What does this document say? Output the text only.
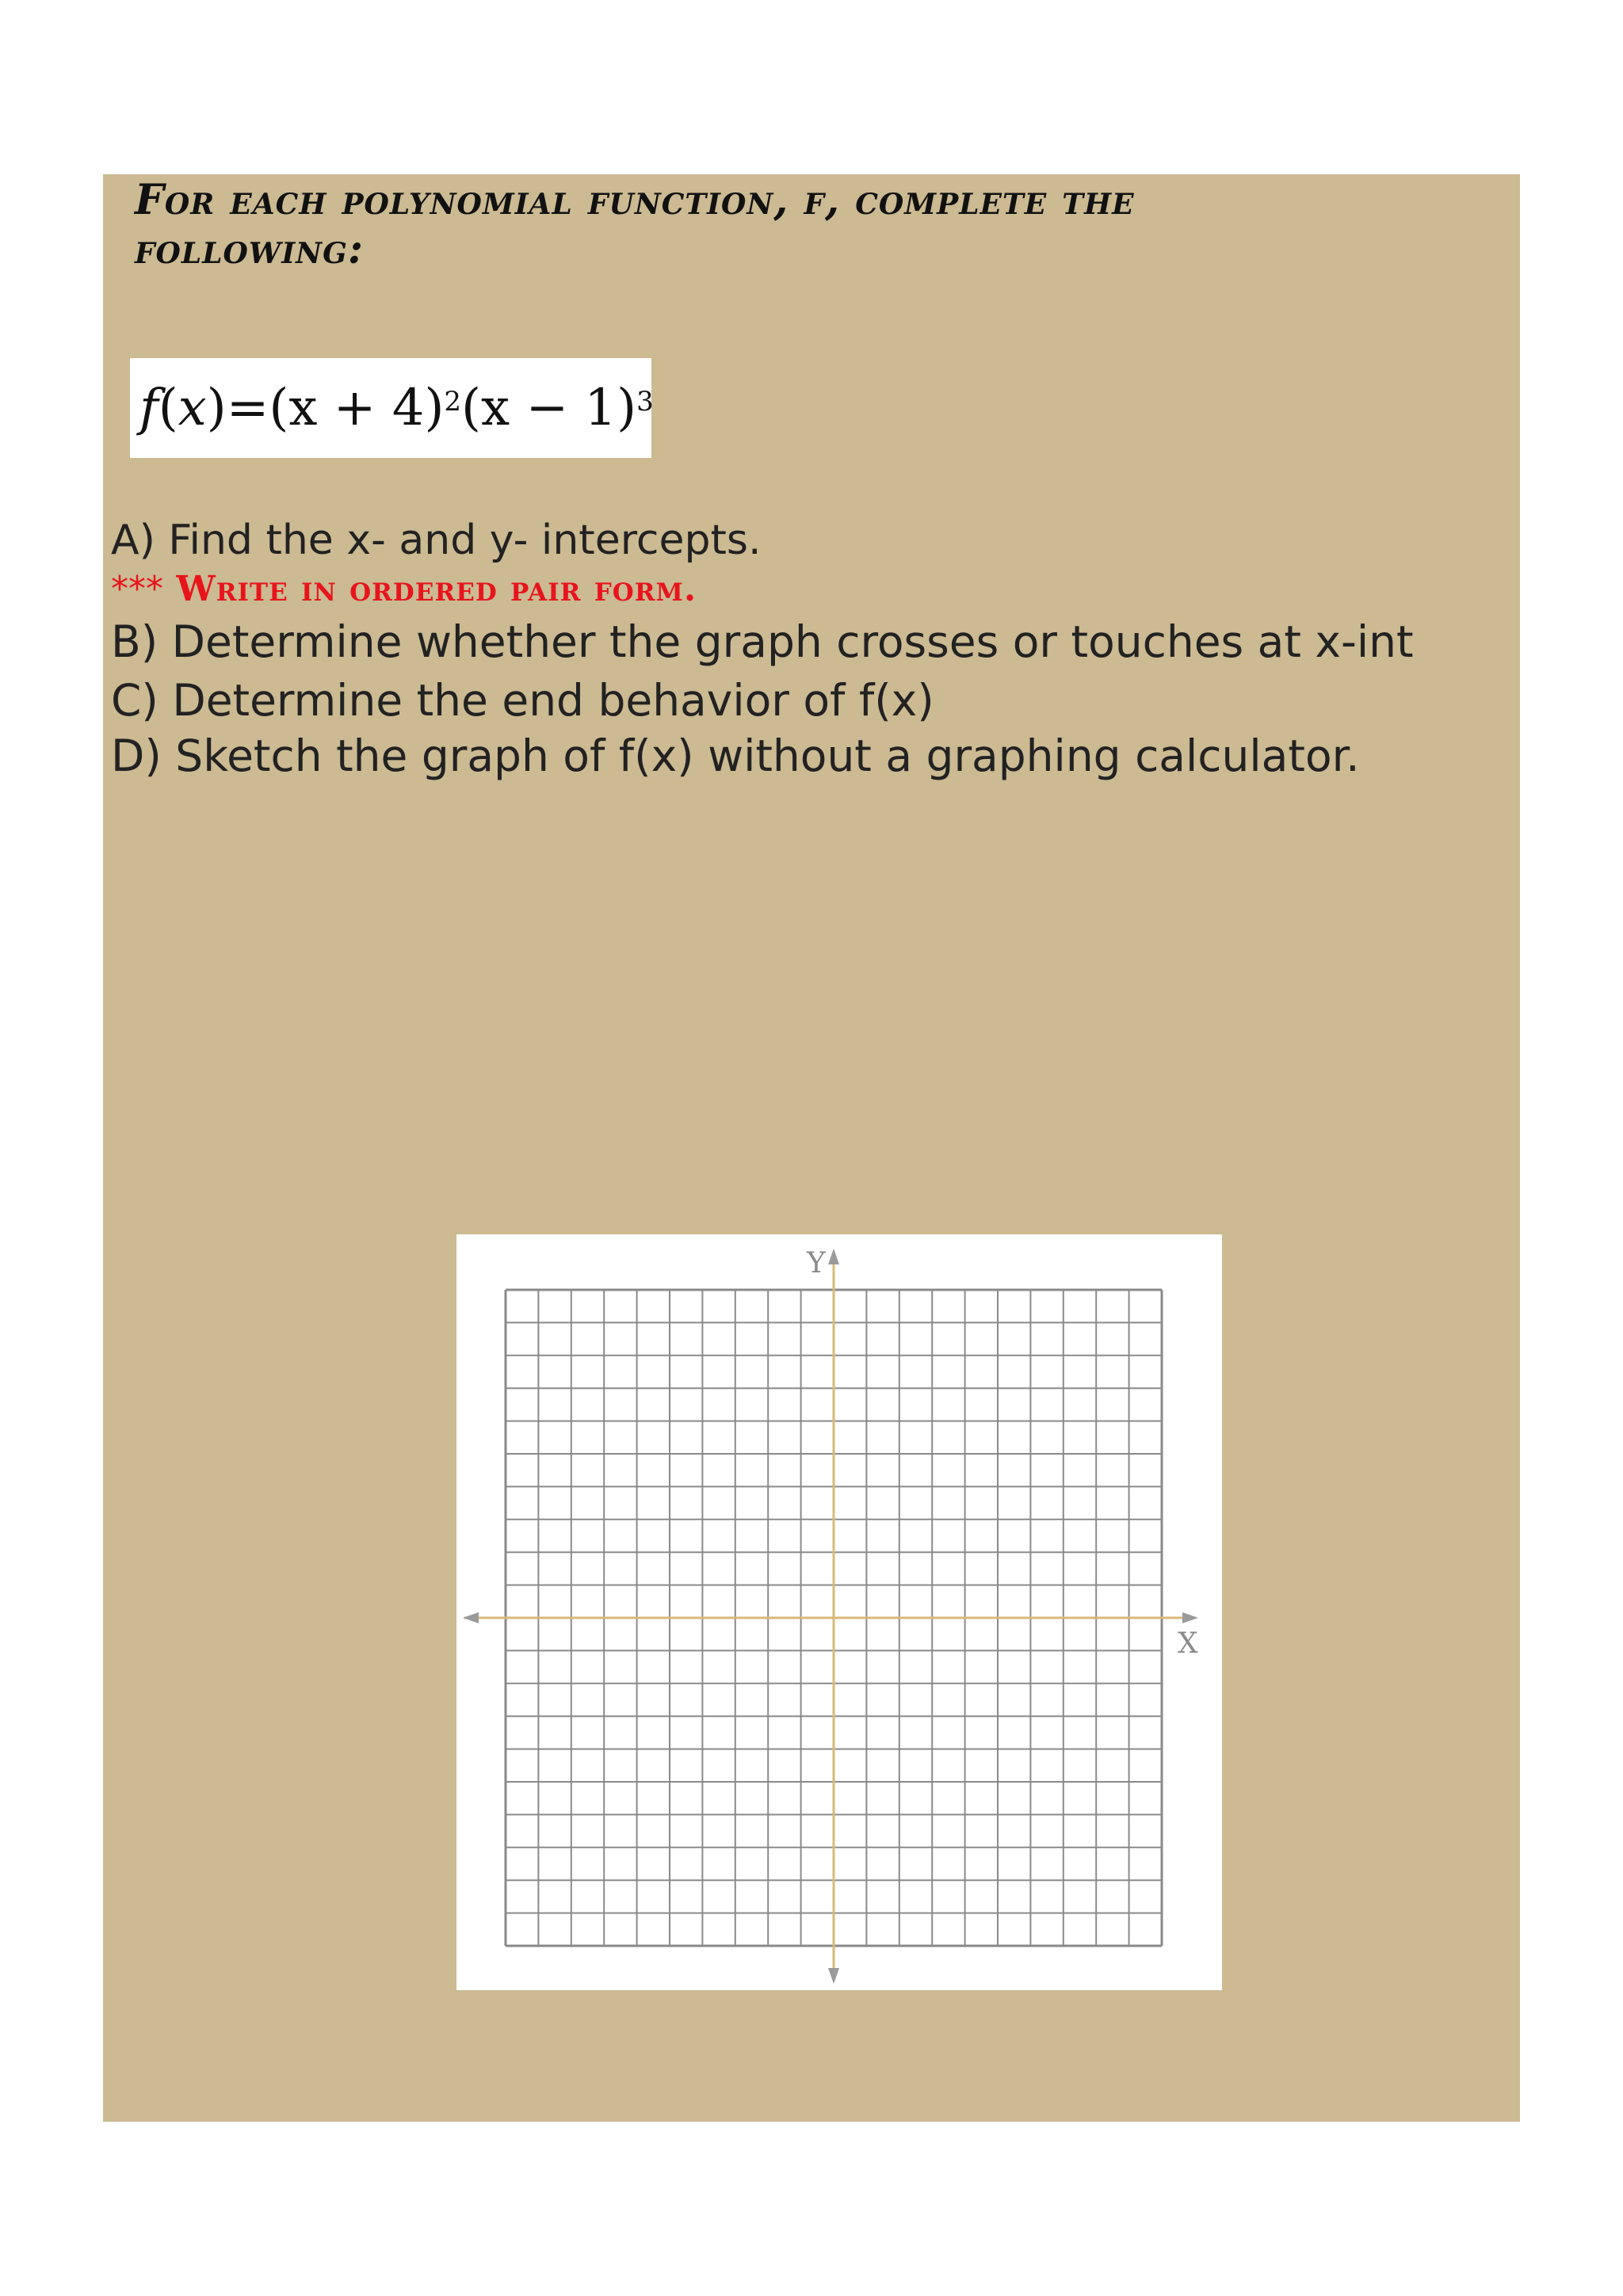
For each polynomial function, f, complete the
following:
f ( x ) = $(x + 4)^2$ $(x - 1)^3$
A) Find the x- and y- intercepts.
*** Write in ordered pair form.
B) Determine whether the graph crosses or touches at x-int
C) Determine the end behavior of f(x)
D) Sketch the graph of f(x) without a graphing calculator.
Y
X
